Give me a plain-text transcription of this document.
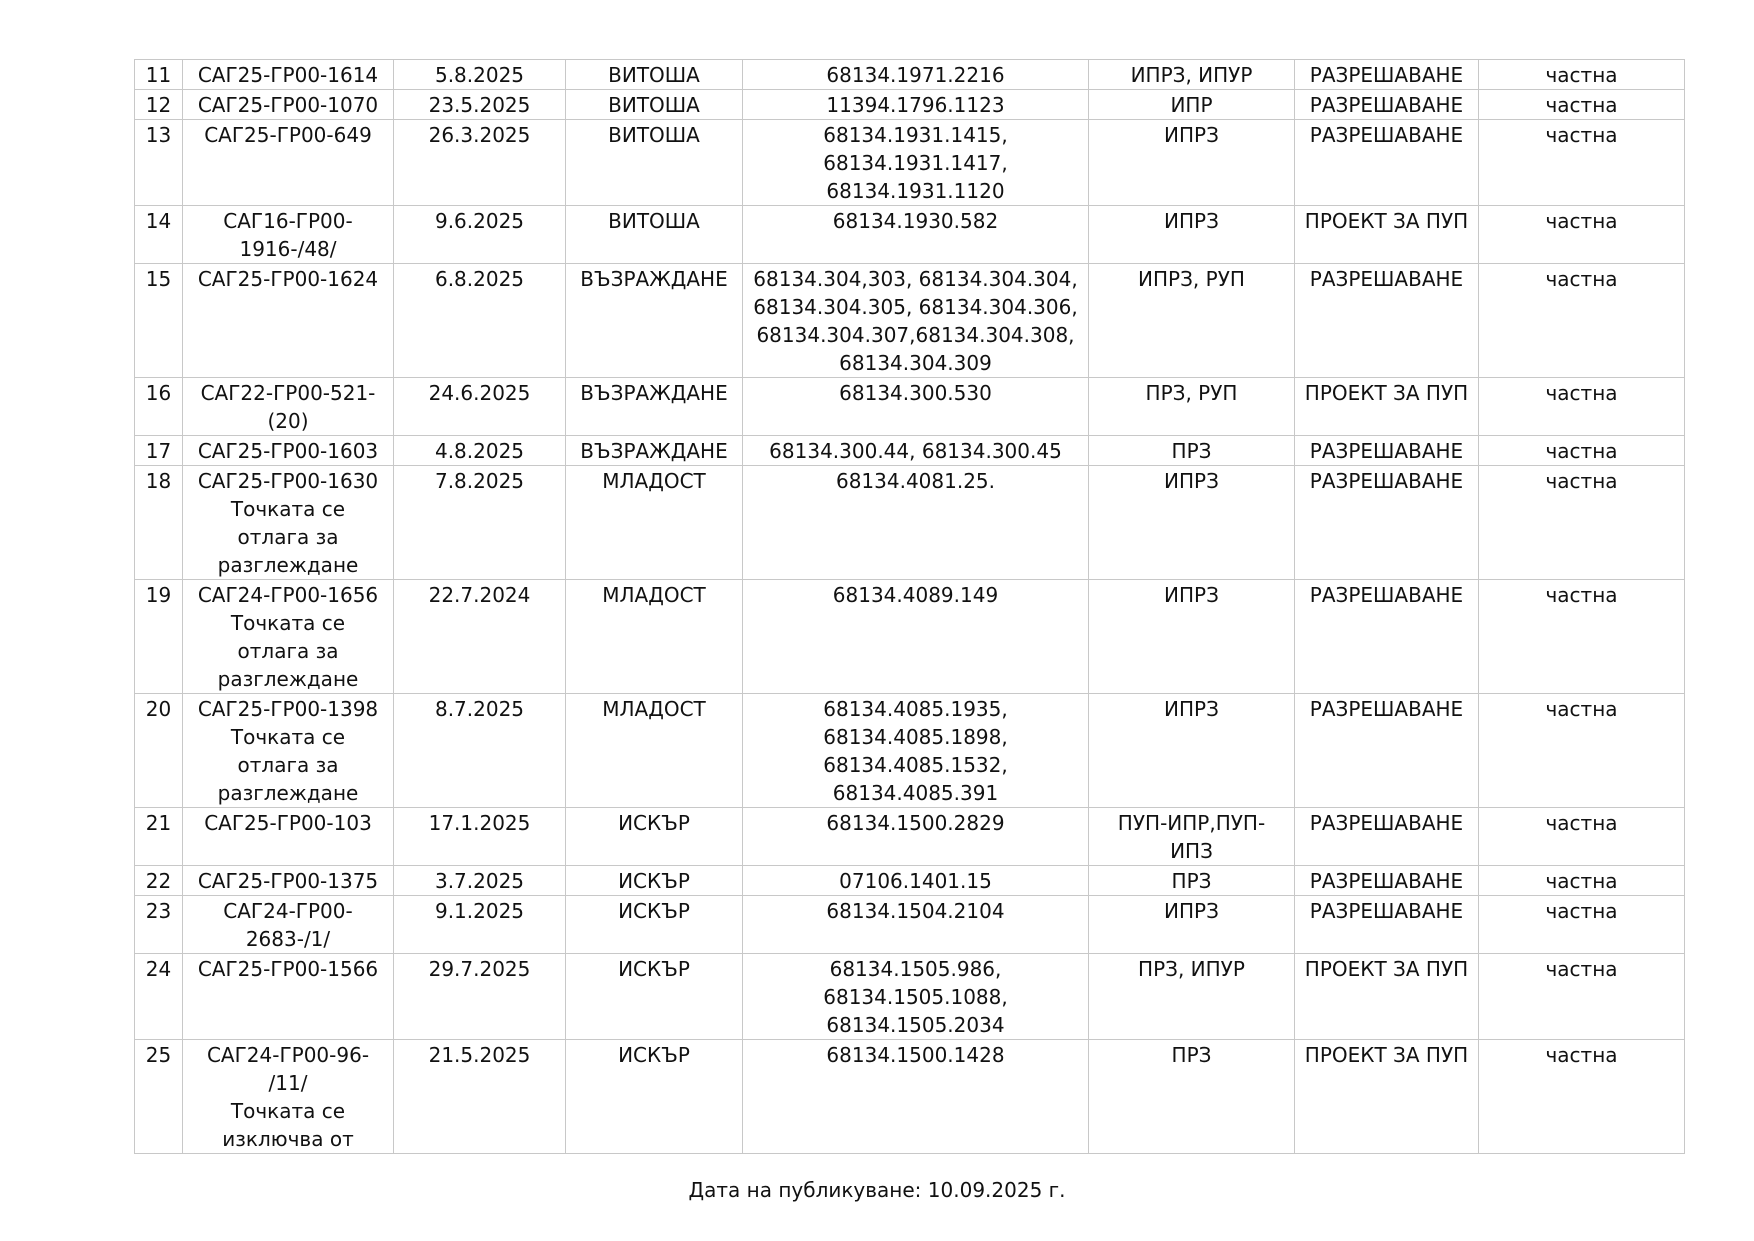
11	САГ25-ГР00-1614	5.8.2025	ВИТОША	68134.1971.2216	ИПРЗ, ИПУР	РАЗРЕШАВАНЕ	частна
12	САГ25-ГР00-1070	23.5.2025	ВИТОША	11394.1796.1123	ИПР	РАЗРЕШАВАНЕ	частна
13	САГ25-ГР00-649	26.3.2025	ВИТОША	68134.1931.1415,
68134.1931.1417,
68134.1931.1120	ИПРЗ	РАЗРЕШАВАНЕ	частна
14	САГ16-ГР00-
1916-/48/	9.6.2025	ВИТОША	68134.1930.582	ИПРЗ	ПРОЕКТ ЗА ПУП	частна
15	САГ25-ГР00-1624	6.8.2025	ВЪЗРАЖДАНЕ	68134.304,303, 68134.304.304,
68134.304.305, 68134.304.306,
68134.304.307,68134.304.308,
68134.304.309	ИПРЗ, РУП	РАЗРЕШАВАНЕ	частна
16	САГ22-ГР00-521-
(20)	24.6.2025	ВЪЗРАЖДАНЕ	68134.300.530	ПРЗ, РУП	ПРОЕКТ ЗА ПУП	частна
17	САГ25-ГР00-1603	4.8.2025	ВЪЗРАЖДАНЕ	68134.300.44, 68134.300.45	ПРЗ	РАЗРЕШАВАНЕ	частна
18	САГ25-ГР00-1630
Точката се
отлага за
разглеждане	7.8.2025	МЛАДОСТ	68134.4081.25.	ИПРЗ	РАЗРЕШАВАНЕ	частна
19	САГ24-ГР00-1656
Точката се
отлага за
разглеждане	22.7.2024	МЛАДОСТ	68134.4089.149	ИПРЗ	РАЗРЕШАВАНЕ	частна
20	САГ25-ГР00-1398
Точката се
отлага за
разглеждане	8.7.2025	МЛАДОСТ	68134.4085.1935,
68134.4085.1898,
68134.4085.1532,
68134.4085.391	ИПРЗ	РАЗРЕШАВАНЕ	частна
21	САГ25-ГР00-103	17.1.2025	ИСКЪР	68134.1500.2829	ПУП-ИПР,ПУП-
ИПЗ	РАЗРЕШАВАНЕ	частна
22	САГ25-ГР00-1375	3.7.2025	ИСКЪР	07106.1401.15	ПРЗ	РАЗРЕШАВАНЕ	частна
23	САГ24-ГР00-
2683-/1/	9.1.2025	ИСКЪР	68134.1504.2104	ИПРЗ	РАЗРЕШАВАНЕ	частна
24	САГ25-ГР00-1566	29.7.2025	ИСКЪР	68134.1505.986,
68134.1505.1088,
68134.1505.2034	ПРЗ, ИПУР	ПРОЕКТ ЗА ПУП	частна
25	САГ24-ГР00-96-
/11/
Точката се
изключва от	21.5.2025	ИСКЪР	68134.1500.1428	ПРЗ	ПРОЕКТ ЗА ПУП	частна
Дата на публикуване: 10.09.2025 г.
